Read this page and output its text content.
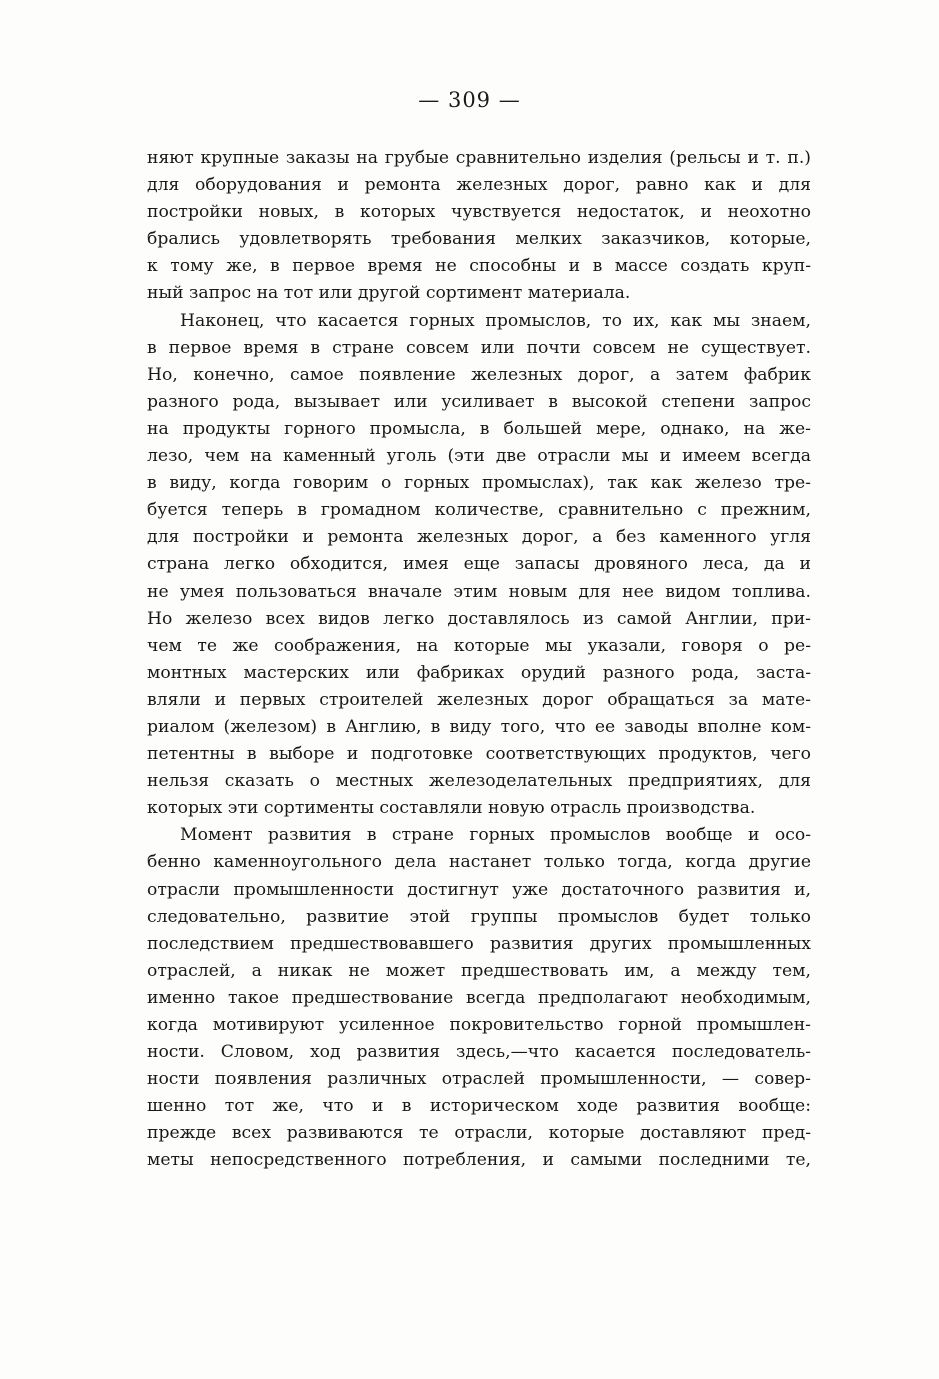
— 309 —
няют крупные заказы на грубые сравнительно изделия (рельсы и т. п.)
для оборудования и ремонта железных дорог, равно как и для
постройки новых, в которых чувствуется недостаток, и неохотно
брались удовлетворять требования мелких заказчиков, которые,
к тому же, в первое время не способны и в массе создать круп-
ный запрос на тот или другой сортимент материала.
Наконец, что касается горных промыслов, то их, как мы знаем,
в первое время в стране совсем или почти совсем не существует.
Но, конечно, самое появление железных дорог, а затем фабрик
разного рода, вызывает или усиливает в высокой степени запрос
на продукты горного промысла, в большей мере, однако, на же-
лезо, чем на каменный уголь (эти две отрасли мы и имеем всегда
в виду, когда говорим о горных промыслах), так как железо тре-
буется теперь в громадном количестве, сравнительно с прежним,
для постройки и ремонта железных дорог, а без каменного угля
страна легко обходится, имея еще запасы дровяного леса, да и
не умея пользоваться вначале этим новым для нее видом топлива.
Но железо всех видов легко доставлялось из самой Англии, при-
чем те же соображения, на которые мы указали, говоря о ре-
монтных мастерских или фабриках орудий разного рода, заста-
вляли и первых строителей железных дорог обращаться за мате-
риалом (железом) в Англию, в виду того, что ее заводы вполне ком-
петентны в выборе и подготовке соответствующих продуктов, чего
нельзя сказать о местных железоделательных предприятиях, для
которых эти сортименты составляли новую отрасль производства.
Момент развития в стране горных промыслов вообще и осо-
бенно каменноугольного дела настанет только тогда, когда другие
отрасли промышленности достигнут уже достаточного развития и,
следовательно, развитие этой группы промыслов будет только
последствием предшествовавшего развития других промышленных
отраслей, а никак не может предшествовать им, а между тем,
именно такое предшествование всегда предполагают необходимым,
когда мотивируют усиленное покровительство горной промышлен-
ности. Словом, ход развития здесь,—что касается последователь-
ности появления различных отраслей промышленности, — совер-
шенно тот же, что и в историческом ходе развития вообще:
прежде всех развиваются те отрасли, которые доставляют пред-
меты непосредственного потребления, и самыми последними те,
